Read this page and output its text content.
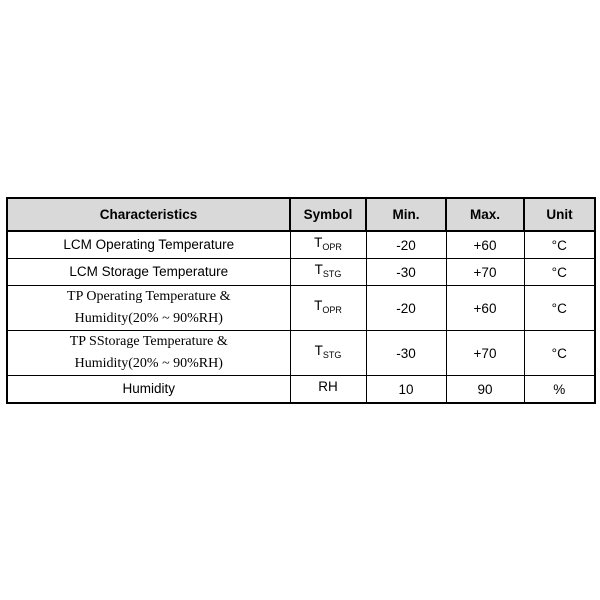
Characteristics	Symbol	Min.	Max.	Unit

LCM Operating Temperature	$T_{OPR}$	-20	+60	°C

LCM Storage Temperature	$T_{STG}$	-30	+70	°C

TP Operating Temperature &
Humidity(20% ~ 90%RH)	$T_{OPR}$	-20	+60	°C

TP SStorage Temperature &
Humidity(20% ~ 90%RH)	$T_{STG}$	-30	+70	°C

Humidity	RH	10	90	%
